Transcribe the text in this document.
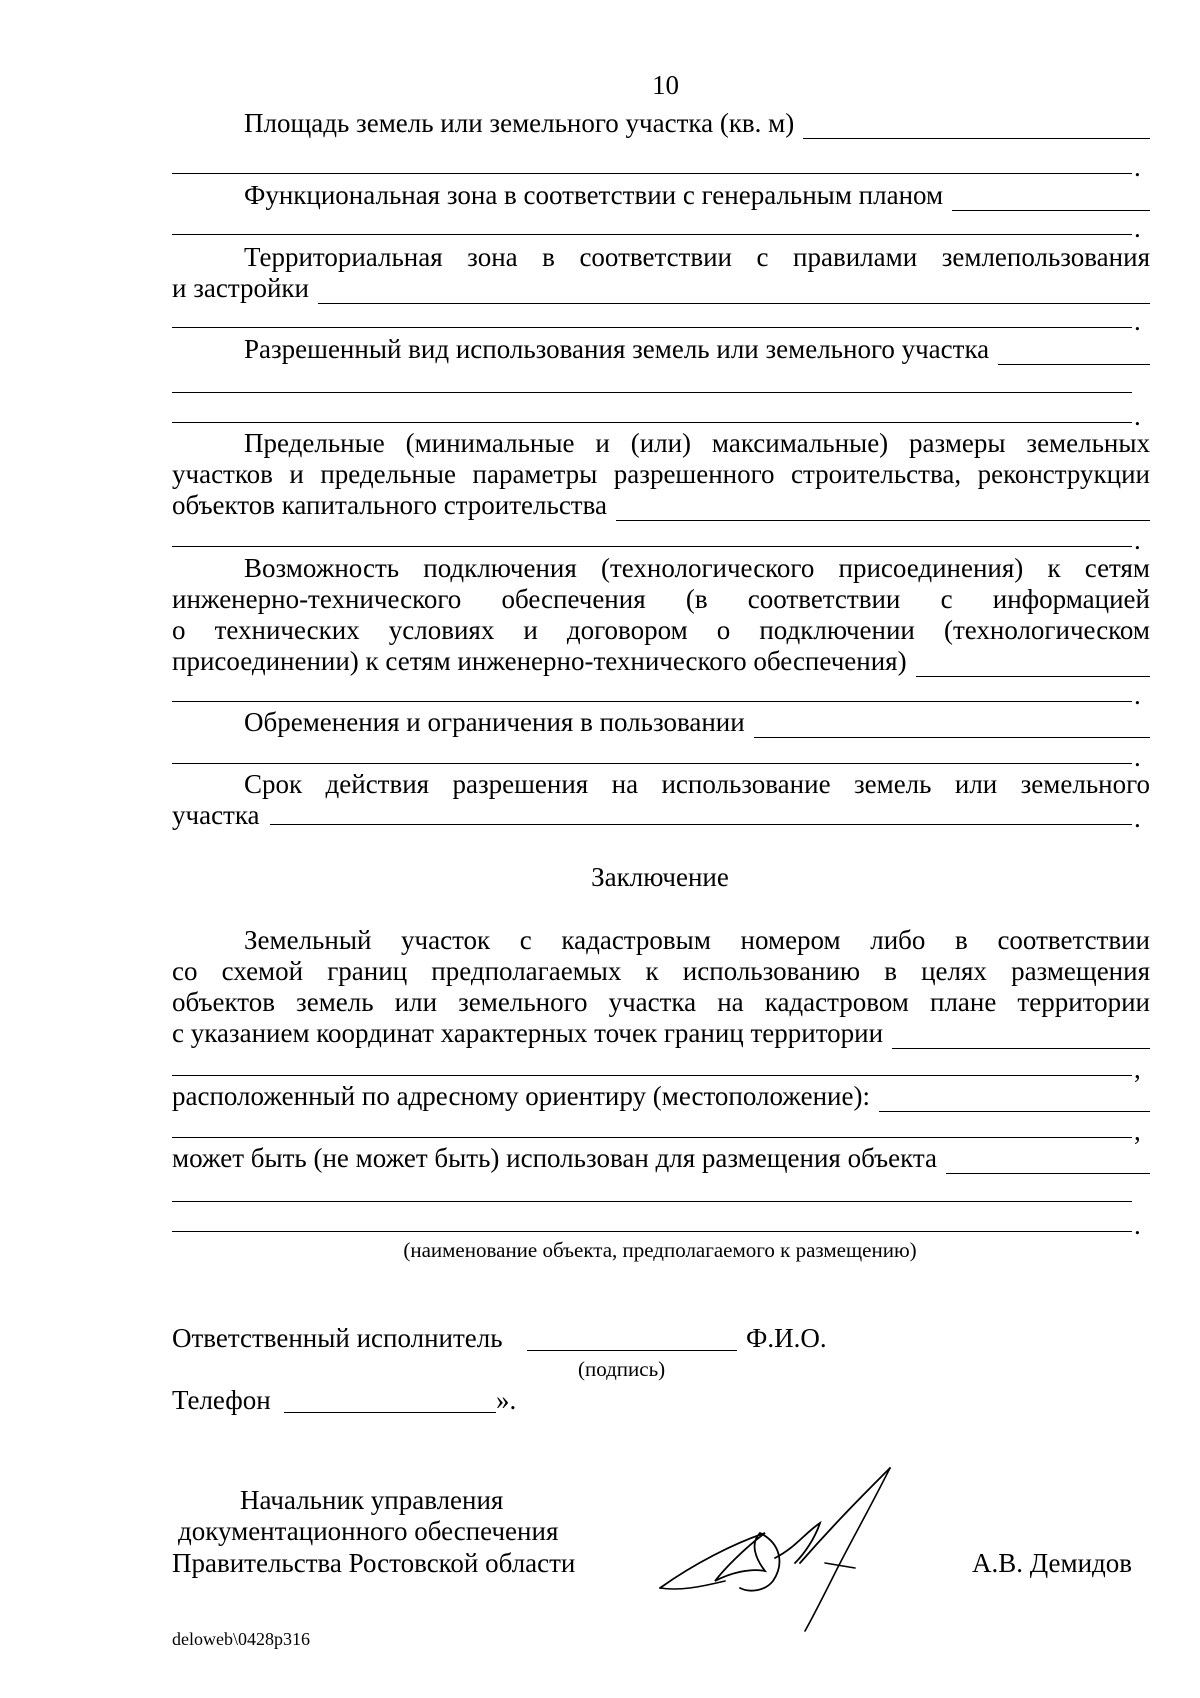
10
Площадь земель или земельного участка (кв. м)
.
Функциональная зона в соответствии с генеральным планом
.
Территориальная зона в соответствии с правилами землепользования
и застройки
.
Разрешенный вид использования земель или земельного участка
.
Предельные (минимальные и (или) максимальные) размеры земельных
участков и предельные параметры разрешенного строительства, реконструкции
объектов капитального строительства
.
Возможность подключения (технологического присоединения) к сетям
инженерно-технического обеспечения (в соответствии с информацией
о технических условиях и договором о подключении (технологическом
присоединении) к сетям инженерно-технического обеспечения)
.
Обременения и ограничения в пользовании
.
Срок действия разрешения на использование земель или земельного
участка	.
Заключение
Земельный участок с кадастровым номером либо в соответствии
со схемой границ предполагаемых к использованию в целях размещения
объектов земель или земельного участка на кадастровом плане территории
с указанием координат характерных точек границ территории
,
расположенный по адресному ориентиру (местоположение):
,
может быть (не может быть) использован для размещения объекта
.
(наименование объекта, предполагаемого к размещению)
Ответственный исполнитель	Ф.И.О.
(подпись)
Телефон	».
Начальник управления
документационного обеспечения
Правительства Ростовской области	А.В. Демидов
deloweb\0428p316
